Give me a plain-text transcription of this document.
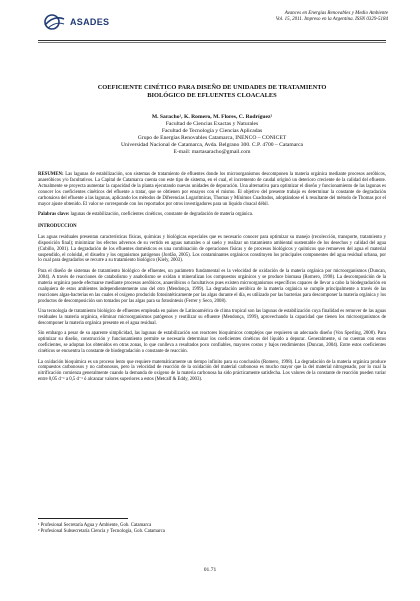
ASADES
Avances en Energías Renovables y Medio Ambiente
Vol. 15, 2011. Impreso en la Argentina. ISSN 0329-5184
COEFICIENTE CINÉTICO PARA DISEÑO DE UNIDADES DE TRATAMIENTO
BIOLÓGICO DE EFLUENTES CLOACALES
M. Saracho¹, K. Romero, M. Flores, C. Rodríguez²
Facultad de Ciencias Exactas y Naturales
Facultad de Tecnología y Ciencias Aplicadas
Grupo de Energías Renovables Catamarca, INENCO – CONICET
Universidad Nacional de Catamarca, Avda. Belgrano 300. C.P. 4700 – Catamarca
E-mail: martasaracho@gmail.com

RESUMEN: Las lagunas de estabilización, son sistemas de tratamiento de efluentes donde los microorganismos descomponen la materia orgánica mediante procesos aeróbicos, anaeróbicos y/o facultativos. La Capital de Catamarca cuenta con este tipo de sistema, en el cual, el incremento de caudal originó un deterioro creciente de la calidad del efluente. Actualmente se proyecta aumentar la capacidad de la planta ejecutando nuevas unidades de depuración. Una alternativa para optimizar el diseño y funcionamiento de las lagunas es conocer los coeficientes cinéticos del efluente a tratar, que se obtienen por ensayos con el mismo. El objetivo del presente trabajo es determinar la constante de degradación carbonácea del efluente a las lagunas, aplicando los métodos de Diferencias Logarítmicas, Thomas y Mínimos Cuadrados, adoptándose el k resultante del método de Thomas por el mayor ajuste obtenido. El valor se corresponde con los reportados por otros investigadores para un líquido cloacal débil.

Palabras clave: lagunas de estabilización, coeficientes cinéticos, constante de degradación de materia orgánica.

INTRODUCCION

Las aguas residuales presentan características físicas, químicas y biológicas especiales que es necesario conocer para optimizar su manejo (recolección, transporte, tratamiento y disposición final); minimizar los efectos adversos de su vertido en aguas naturales o al suelo y realizar un tratamiento ambiental sustentable de los desechos y calidad del agua (Cubillo, 2001). La degradación de los efluentes domésticos es una combinación de operaciones físicas y de procesos biológicos y químicos que remueven del agua el material suspendido, el coloidal, el disuelto y los organismos patógenos (Jordão, 2005). Los contaminantes orgánicos constituyen los principales componentes del agua residual urbana, por lo cual para degradarlos se recurre a su tratamiento biológico (Kiely, 2003).

Para el diseño de sistemas de tratamiento biológico de efluentes, un parámetro fundamental es la velocidad de oxidación de la materia orgánica por microorganismos (Duncan, 2004). A través de reacciones de catabolismo y anabolismo se oxidan o mineralizan los compuestos orgánicos y se produce biomasa (Romero, 1998). La descomposición de la materia orgánica puede efectuarse mediante procesos aeróbicos, anaeróbicos o facultativos pues existen microorganismos específicos capaces de llevar a cabo la biodegradación en cualquiera de estos ambientes independientemente uno del otro (Mendonça, 1999). La degradación aeróbica de la materia orgánica se cumple principalmente a través de las reacciones algas-bacterias en las cuales el oxígeno producido fotosintéticamente por las algas durante el día, es utilizado por las bacterias para descomponer la materia orgánica y los productos de descomposición son tomados por las algas para su fotosíntesis (Ferrer y Seco, 2008).

Una tecnología de tratamiento biológico de efluentes empleada en países de Latinoamérica de clima tropical son las lagunas de estabilización cuya finalidad es remover de las aguas residuales la materia orgánica, eliminar microorganismos patógenos y reutilizar su efluente (Mendonça, 1999), aprovechando la capacidad que tienen los microorganismos de descomponer la materia orgánica presente en el agua residual.

Sin embargo a pesar de su aparente simplicidad, las lagunas de estabilización son reactores bioquímicos complejos que requieren un adecuado diseño (Von Sperling, 2008). Para optimizar su diseño, construcción y funcionamiento permite se necesario determinar los coeficientes cinéticos del líquido a depurar. Generalmente, si no cuentan con estos coeficientes, se adoptan los obtenidos en otras zonas, lo que conlleva a resultados poco confiables, mayores costos y bajos rendimientos (Duncan, 2004). Entre estos coeficientes cinéticos se encuentra la constante de biodegradación o constante de reacción.

La oxidación bioquímica es un proceso lento que requiere matemáticamente un tiempo infinito para su conclusión (Romero, 1998). La degradación de la materia orgánica produce compuestos carbonosos y no carbonosos, pero la velocidad de reacción de la oxidación del material carbonoso es mucho mayor que la del material nitrogenado, por lo cual la nitrificación comienza generalmente cuando la demanda de oxígeno de la materia carbonosa ha sido prácticamente satisfecha. Los valores de la constante de reacción pueden variar entre 0,05 d⁻¹ a 0,5 d⁻¹ ó alcanzar valores superiores a estos (Metcalf & Eddy, 2003).

¹ Profesional Secretaría Agua y Ambiente, Gob. Catamarca
² Profesional Subsecretaría Ciencia y Tecnología, Gob. Catamarca
01.71
